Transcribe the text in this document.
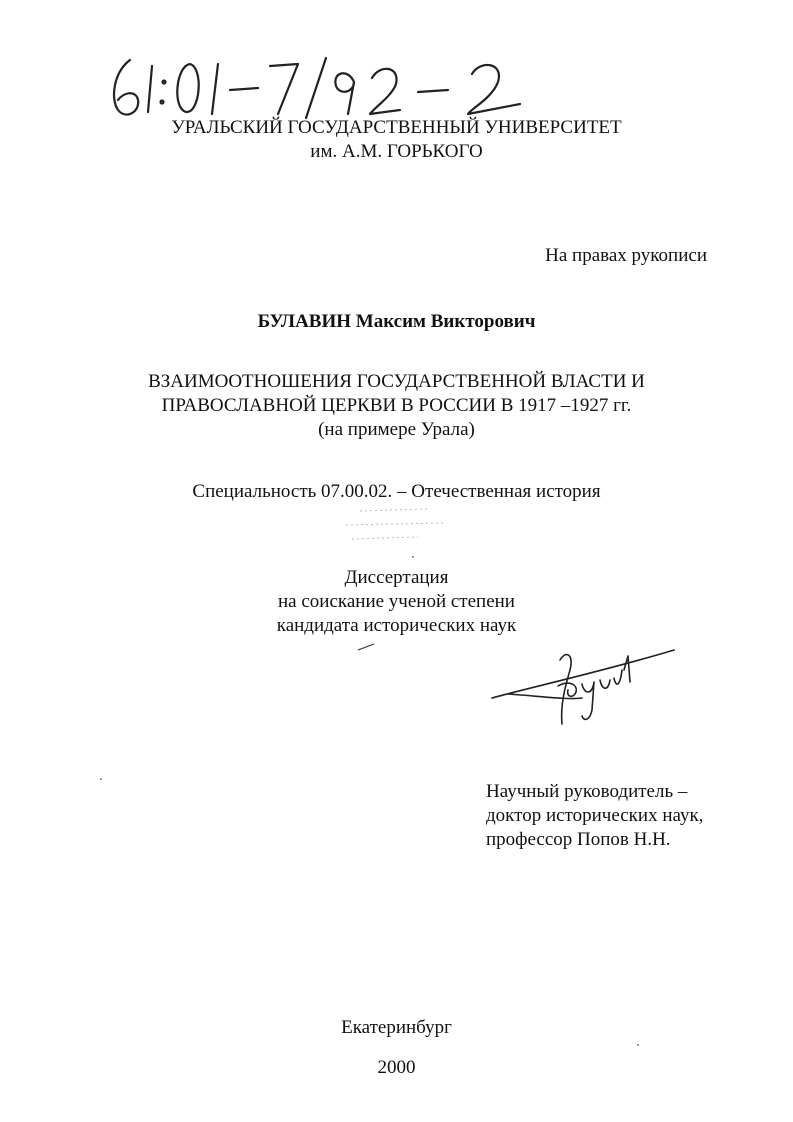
УРАЛЬСКИЙ ГОСУДАРСТВЕННЫЙ УНИВЕРСИТЕТ
им. А.М. ГОРЬКОГО
На правах рукописи
БУЛАВИН Максим Викторович
ВЗАИМООТНОШЕНИЯ ГОСУДАРСТВЕННОЙ ВЛАСТИ И
ПРАВОСЛАВНОЙ ЦЕРКВИ В РОССИИ В 1917 –1927 гг.
(на примере Урала)
Специальность 07.00.02. – Отечественная история
Диссертация
на соискание ученой степени
кандидата исторических наук
Научный руководитель –
доктор исторических наук,
профессор Попов Н.Н.
Екатеринбург
2000
